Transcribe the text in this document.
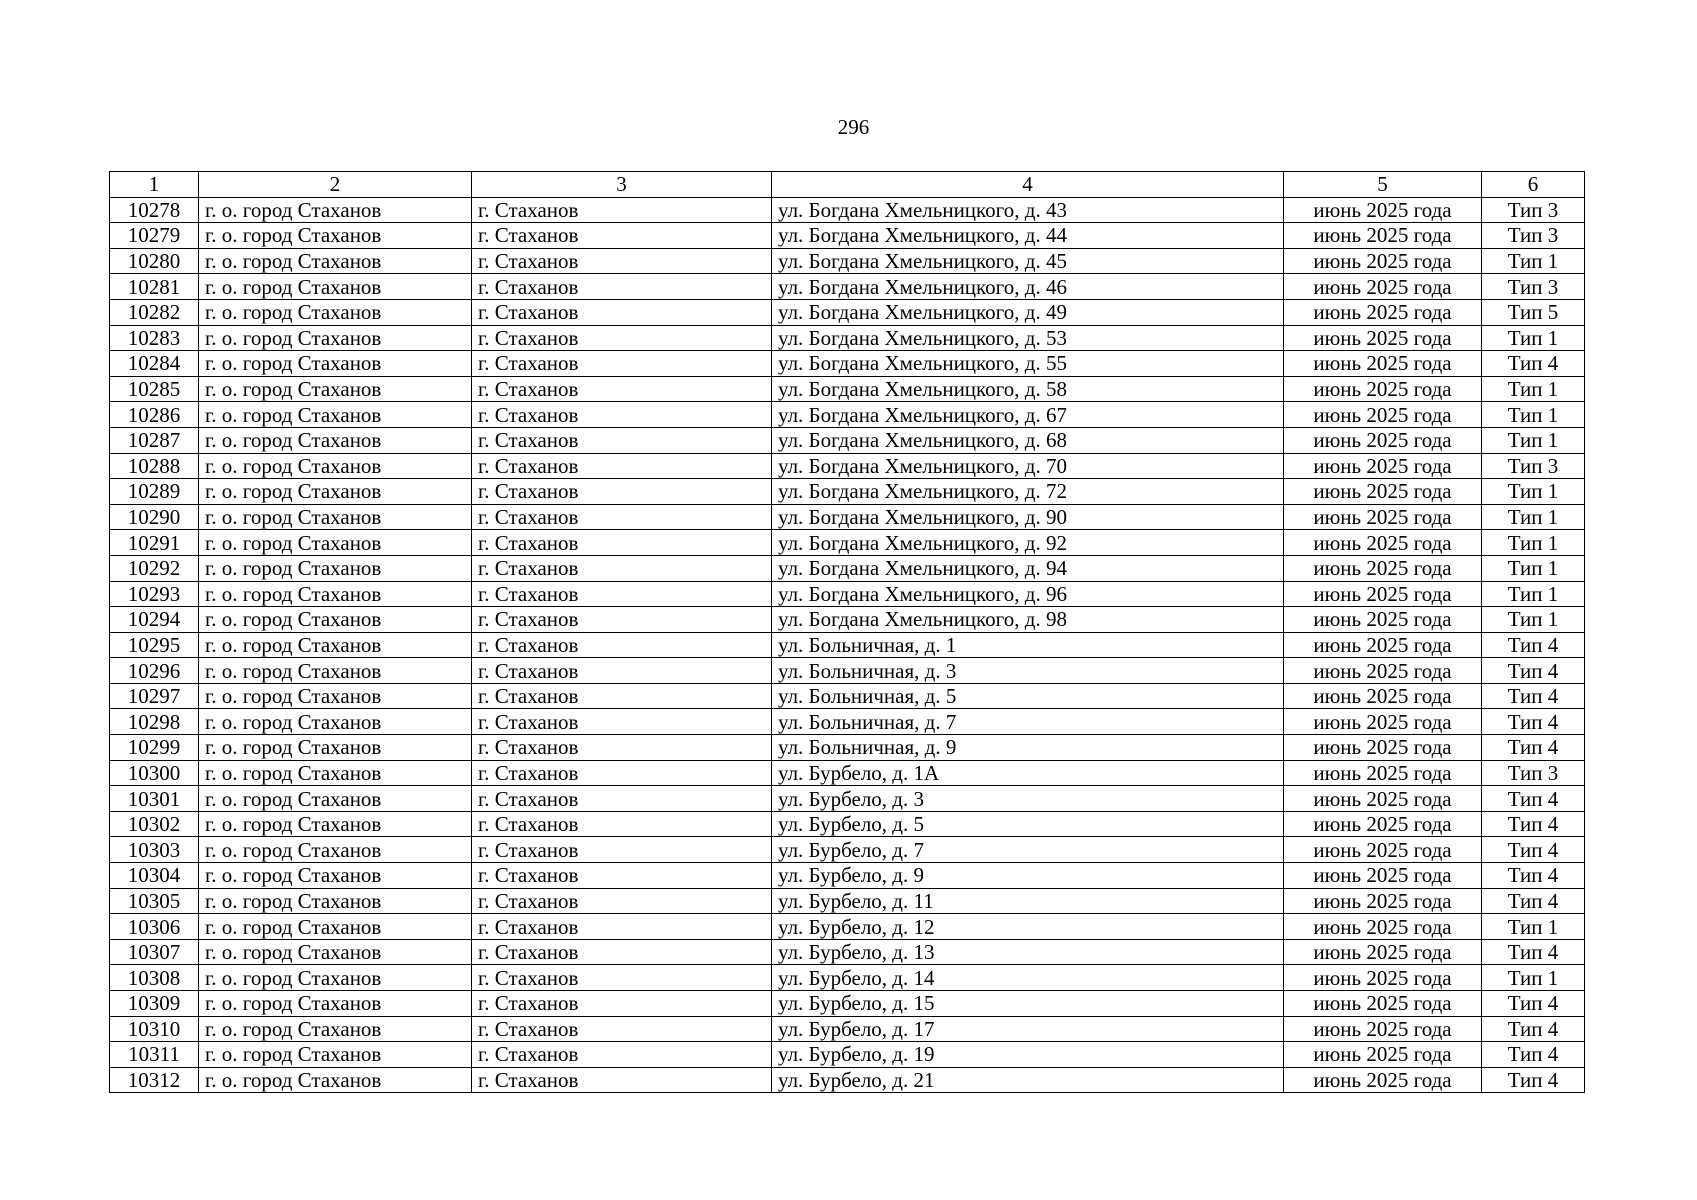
296
1	2	3	4	5	6
10278	г. о. город Стаханов	г. Стаханов	ул. Богдана Хмельницкого, д. 43	июнь 2025 года	Тип 3
10279	г. о. город Стаханов	г. Стаханов	ул. Богдана Хмельницкого, д. 44	июнь 2025 года	Тип 3
10280	г. о. город Стаханов	г. Стаханов	ул. Богдана Хмельницкого, д. 45	июнь 2025 года	Тип 1
10281	г. о. город Стаханов	г. Стаханов	ул. Богдана Хмельницкого, д. 46	июнь 2025 года	Тип 3
10282	г. о. город Стаханов	г. Стаханов	ул. Богдана Хмельницкого, д. 49	июнь 2025 года	Тип 5
10283	г. о. город Стаханов	г. Стаханов	ул. Богдана Хмельницкого, д. 53	июнь 2025 года	Тип 1
10284	г. о. город Стаханов	г. Стаханов	ул. Богдана Хмельницкого, д. 55	июнь 2025 года	Тип 4
10285	г. о. город Стаханов	г. Стаханов	ул. Богдана Хмельницкого, д. 58	июнь 2025 года	Тип 1
10286	г. о. город Стаханов	г. Стаханов	ул. Богдана Хмельницкого, д. 67	июнь 2025 года	Тип 1
10287	г. о. город Стаханов	г. Стаханов	ул. Богдана Хмельницкого, д. 68	июнь 2025 года	Тип 1
10288	г. о. город Стаханов	г. Стаханов	ул. Богдана Хмельницкого, д. 70	июнь 2025 года	Тип 3
10289	г. о. город Стаханов	г. Стаханов	ул. Богдана Хмельницкого, д. 72	июнь 2025 года	Тип 1
10290	г. о. город Стаханов	г. Стаханов	ул. Богдана Хмельницкого, д. 90	июнь 2025 года	Тип 1
10291	г. о. город Стаханов	г. Стаханов	ул. Богдана Хмельницкого, д. 92	июнь 2025 года	Тип 1
10292	г. о. город Стаханов	г. Стаханов	ул. Богдана Хмельницкого, д. 94	июнь 2025 года	Тип 1
10293	г. о. город Стаханов	г. Стаханов	ул. Богдана Хмельницкого, д. 96	июнь 2025 года	Тип 1
10294	г. о. город Стаханов	г. Стаханов	ул. Богдана Хмельницкого, д. 98	июнь 2025 года	Тип 1
10295	г. о. город Стаханов	г. Стаханов	ул. Больничная, д. 1	июнь 2025 года	Тип 4
10296	г. о. город Стаханов	г. Стаханов	ул. Больничная, д. 3	июнь 2025 года	Тип 4
10297	г. о. город Стаханов	г. Стаханов	ул. Больничная, д. 5	июнь 2025 года	Тип 4
10298	г. о. город Стаханов	г. Стаханов	ул. Больничная, д. 7	июнь 2025 года	Тип 4
10299	г. о. город Стаханов	г. Стаханов	ул. Больничная, д. 9	июнь 2025 года	Тип 4
10300	г. о. город Стаханов	г. Стаханов	ул. Бурбело, д. 1А	июнь 2025 года	Тип 3
10301	г. о. город Стаханов	г. Стаханов	ул. Бурбело, д. 3	июнь 2025 года	Тип 4
10302	г. о. город Стаханов	г. Стаханов	ул. Бурбело, д. 5	июнь 2025 года	Тип 4
10303	г. о. город Стаханов	г. Стаханов	ул. Бурбело, д. 7	июнь 2025 года	Тип 4
10304	г. о. город Стаханов	г. Стаханов	ул. Бурбело, д. 9	июнь 2025 года	Тип 4
10305	г. о. город Стаханов	г. Стаханов	ул. Бурбело, д. 11	июнь 2025 года	Тип 4
10306	г. о. город Стаханов	г. Стаханов	ул. Бурбело, д. 12	июнь 2025 года	Тип 1
10307	г. о. город Стаханов	г. Стаханов	ул. Бурбело, д. 13	июнь 2025 года	Тип 4
10308	г. о. город Стаханов	г. Стаханов	ул. Бурбело, д. 14	июнь 2025 года	Тип 1
10309	г. о. город Стаханов	г. Стаханов	ул. Бурбело, д. 15	июнь 2025 года	Тип 4
10310	г. о. город Стаханов	г. Стаханов	ул. Бурбело, д. 17	июнь 2025 года	Тип 4
10311	г. о. город Стаханов	г. Стаханов	ул. Бурбело, д. 19	июнь 2025 года	Тип 4
10312	г. о. город Стаханов	г. Стаханов	ул. Бурбело, д. 21	июнь 2025 года	Тип 4
